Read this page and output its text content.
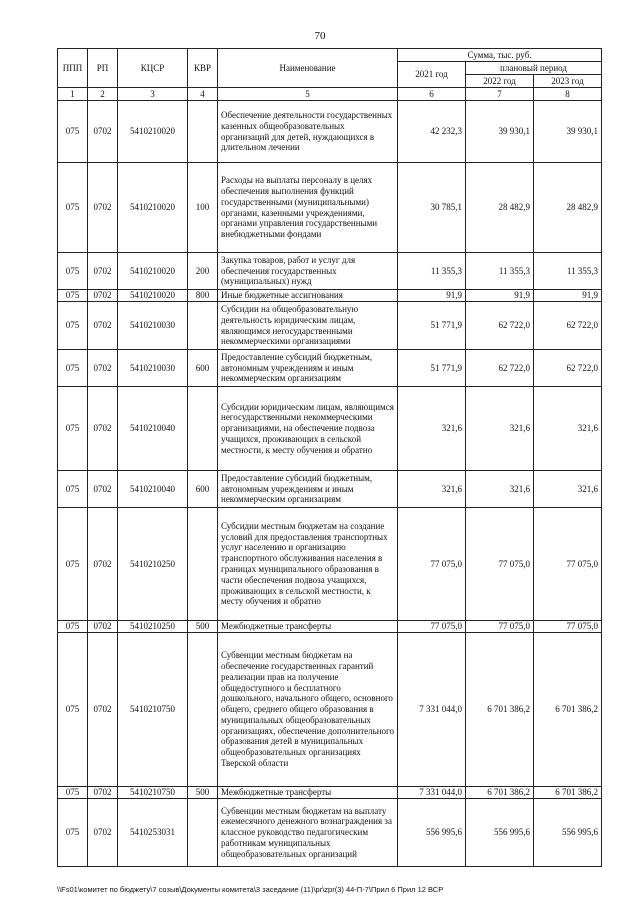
70
ППП	РП	КЦСР	КВР	Наименование	Сумма, тыс. руб.		
					2021 год	плановый период	
						2022 год	2023 год
1	2	3	4	5	6	7	8
075	0702	5410210020		Обеспечение деятельности государственных казенных общеобразовательных организаций для детей, нуждающихся в длительном лечении	42 232,3	39 930,1	39 930,1
075	0702	5410210020	100	Расходы на выплаты персоналу в целях обеспечения выполнения функций государственными (муниципальными) органами, казенными учреждениями, органами управления государственными внебюджетными фондами	30 785,1	28 482,9	28 482,9
075	0702	5410210020	200	Закупка товаров, работ и услуг для обеспечения государственных (муниципальных) нужд	11 355,3	11 355,3	11 355,3
075	0702	5410210020	800	Иные бюджетные ассигнования	91,9	91,9	91,9
075	0702	5410210030		Субсидии на общеобразовательную деятельность юридическим лицам, являющимся негосударственными некоммерческими организациями	51 771,9	62 722,0	62 722,0
075	0702	5410210030	600	Предоставление субсидий бюджетным, автономным учреждениям и иным некоммерческим организациям	51 771,9	62 722,0	62 722,0
075	0702	5410210040		Субсидии юридическим лицам, являющимся негосударственными некоммерческими организациями, на обеспечение подвоза учащихся, проживающих в сельской местности, к месту обучения и обратно	321,6	321,6	321,6
075	0702	5410210040	600	Предоставление субсидий бюджетным, автономным учреждениям и иным некоммерческим организациям	321,6	321,6	321,6
075	0702	5410210250		Субсидии местным бюджетам на создание условий для предоставления транспортных услуг населению и организацию транспортного обслуживания населения в границах муниципального образования в части обеспечения подвоза учащихся, проживающих в сельской местности, к месту обучения и обратно	77 075,0	77 075,0	77 075,0
075	0702	5410210250	500	Межбюджетные трансферты	77 075,0	77 075,0	77 075,0
075	0702	5410210750		Субвенции местным бюджетам на обеспечение государственных гарантий реализации прав на получение общедоступного и бесплатного дошкольного, начального общего, основного общего, среднего общего образования в муниципальных общеобразовательных организациях, обеспечение дополнительного образования детей в муниципальных общеобразовательных организациях Тверской области	7 331 044,0	6 701 386,2	6 701 386,2
075	0702	5410210750	500	Межбюджетные трансферты	7 331 044,0	6 701 386,2	6 701 386,2
075	0702	5410253031		Субвенции местным бюджетам на выплату ежемесячного денежного вознаграждения за классное руководство педагогическим работникам муниципальных общеобразовательных организаций	556 995,6	556 995,6	556 995,6
\\Fs01\комитет по бюджету\7 созыв\Документы комитета\3 заседание (11)\pr\zpr(3) 44-П-7\Прил 6 Прил 12 ВСР
